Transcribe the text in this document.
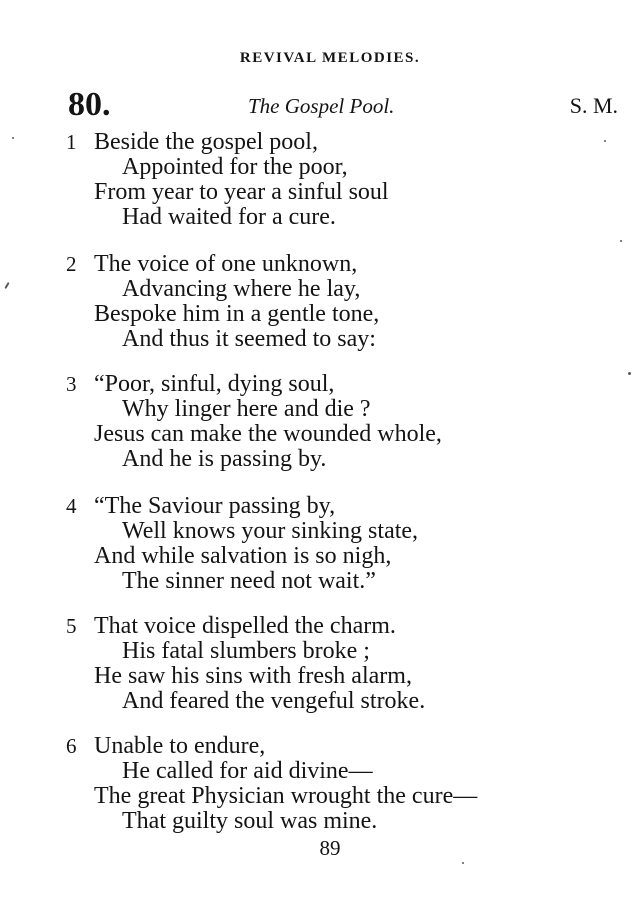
REVIVAL MELODIES.
80.	The Gospel Pool.	S. M.
1 Beside the gospel pool,
Appointed for the poor,
From year to year a sinful soul
Had waited for a cure.
2 The voice of one unknown,
Advancing where he lay,
Bespoke him in a gentle tone,
And thus it seemed to say:
3 “Poor, sinful, dying soul,
Why linger here and die ?
Jesus can make the wounded whole,
And he is passing by.
4 “The Saviour passing by,
Well knows your sinking state,
And while salvation is so nigh,
The sinner need not wait.”
5 That voice dispelled the charm.
His fatal slumbers broke ;
He saw his sins with fresh alarm,
And feared the vengeful stroke.
6 Unable to endure,
He called for aid divine—
The great Physician wrought the cure—
That guilty soul was mine.
89
